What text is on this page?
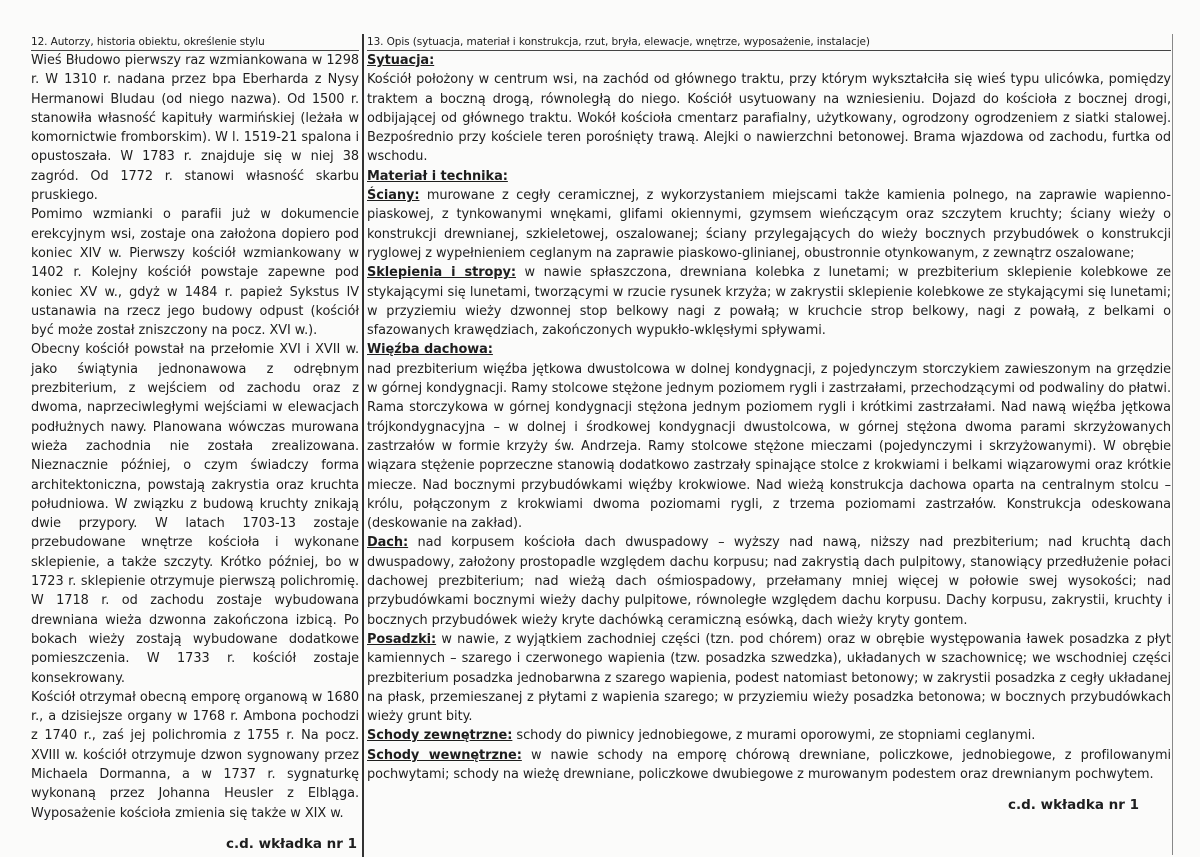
12. Autorzy, historia obiektu, określenie stylu

Wieś Błudowo pierwszy raz wzmiankowana w 1298 r. W 1310 r. nadana przez bpa Eberharda z Nysy Hermanowi Bludau (od niego nazwa). Od 1500 r. stanowiła własność kapituły warmińskiej (leżała w komornictwie fromborskim). W l. 1519-21 spalona i opustoszała. W 1783 r. znajduje się w niej 38 zagród. Od 1772 r. stanowi własność skarbu pruskiego.

Pomimo wzmianki o parafii już w dokumencie erekcyjnym wsi, zostaje ona założona dopiero pod koniec XIV w. Pierwszy kościół wzmiankowany w 1402 r. Kolejny kościół powstaje zapewne pod koniec XV w., gdyż w 1484 r. papież Sykstus IV ustanawia na rzecz jego budowy odpust (kościół być może został zniszczony na pocz. XVI w.).

Obecny kościół powstał na przełomie XVI i XVII w. jako świątynia jednonawowa z odrębnym prezbiterium, z wejściem od zachodu oraz z dwoma, naprzeciwległymi wejściami w elewacjach podłużnych nawy. Planowana wówczas murowana wieża zachodnia nie została zrealizowana. Nieznacznie później, o czym świadczy forma architektoniczna, powstają zakrystia oraz kruchta południowa. W związku z budową kruchty znikają dwie przypory. W latach 1703-13 zostaje przebudowane wnętrze kościoła i wykonane sklepienie, a także szczyty. Krótko później, bo w 1723 r. sklepienie otrzymuje pierwszą polichromię. W 1718 r. od zachodu zostaje wybudowana drewniana wieża dzwonna zakończona izbicą. Po bokach wieży zostają wybudowane dodatkowe pomieszczenia. W 1733 r. kościół zostaje konsekrowany.

Kościół otrzymał obecną emporę organową w 1680 r., a dzisiejsze organy w 1768 r. Ambona pochodzi z 1740 r., zaś jej polichromia z 1755 r. Na pocz. XVIII w. kościół otrzymuje dzwon sygnowany przez Michaela Dormanna, a w 1737 r. sygnaturkę wykonaną przez Johanna Heusler z Elbląga. Wyposażenie kościoła zmienia się także w XIX w.

c.d. wkładka nr 1
13. Opis (sytuacja, materiał i konstrukcja, rzut, bryła, elewacje, wnętrze, wyposażenie, instalacje)
Sytuacja:

Kościół położony w centrum wsi, na zachód od głównego traktu, przy którym wykształciła się wieś typu ulicówka, pomiędzy traktem a boczną drogą, równoległą do niego. Kościół usytuowany na wzniesieniu. Dojazd do kościoła z bocznej drogi, odbijającej od głównego traktu. Wokół kościoła cmentarz parafialny, użytkowany, ogrodzony ogrodzeniem z siatki stalowej. Bezpośrednio przy kościele teren porośnięty trawą. Alejki o nawierzchni betonowej. Brama wjazdowa od zachodu, furtka od wschodu.

Materiał i technika:

Ściany: murowane z cegły ceramicznej, z wykorzystaniem miejscami także kamienia polnego, na zaprawie wapienno-piaskowej, z tynkowanymi wnękami, glifami okiennymi, gzymsem wieńczącym oraz szczytem kruchty; ściany wieży o konstrukcji drewnianej, szkieletowej, oszalowanej; ściany przylegających do wieży bocznych przybudówek o konstrukcji ryglowej z wypełnieniem ceglanym na zaprawie piaskowo-glinianej, obustronnie otynkowanym, z zewnątrz oszalowane;

Sklepienia i stropy: w nawie spłaszczona, drewniana kolebka z lunetami; w prezbiterium sklepienie kolebkowe ze stykającymi się lunetami, tworzącymi w rzucie rysunek krzyża; w zakrystii sklepienie kolebkowe ze stykającymi się lunetami; w przyziemiu wieży dzwonnej stop belkowy nagi z powałą; w kruchcie strop belkowy, nagi z powałą, z belkami o sfazowanych krawędziach, zakończonych wypukło-wklęsłymi spływami.

Więźba dachowa:
nad prezbiterium więźba jętkowa dwustolcowa w dolnej kondygnacji, z pojedynczym storczykiem zawieszonym na grzędzie w górnej kondygnacji. Ramy stolcowe stężone jednym poziomem rygli i zastrzałami, przechodzącymi od podwaliny do płatwi. Rama storczykowa w górnej kondygnacji stężona jednym poziomem rygli i krótkimi zastrzałami. Nad nawą więźba jętkowa trójkondygnacyjna – w dolnej i środkowej kondygnacji dwustolcowa, w górnej stężona dwoma parami skrzyżowanych zastrzałów w formie krzyży św. Andrzeja. Ramy stolcowe stężone mieczami (pojedynczymi i skrzyżowanymi). W obrębie wiązara stężenie poprzeczne stanowią dodatkowo zastrzały spinające stolce z krokwiami i belkami wiązarowymi oraz krótkie miecze. Nad bocznymi przybudówkami więźby krokwiowe. Nad wieżą konstrukcja dachowa oparta na centralnym stolcu – królu, połączonym z krokwiami dwoma poziomami rygli, z trzema poziomami zastrzałów. Konstrukcja odeskowana (deskowanie na zakład).

Dach: nad korpusem kościoła dach dwuspadowy – wyższy nad nawą, niższy nad prezbiterium; nad kruchtą dach dwuspadowy, założony prostopadle względem dachu korpusu; nad zakrystią dach pulpitowy, stanowiący przedłużenie połaci dachowej prezbiterium; nad wieżą dach ośmiospadowy, przełamany mniej więcej w połowie swej wysokości; nad przybudówkami bocznymi wieży dachy pulpitowe, równoległe względem dachu korpusu. Dachy korpusu, zakrystii, kruchty i bocznych przybudówek wieży kryte dachówką ceramiczną esówką, dach wieży kryty gontem.

Posadzki: w nawie, z wyjątkiem zachodniej części (tzn. pod chórem) oraz w obrębie występowania ławek posadzka z płyt kamiennych – szarego i czerwonego wapienia (tzw. posadzka szwedzka), układanych w szachownicę; we wschodniej części prezbiterium posadzka jednobarwna z szarego wapienia, podest natomiast betonowy; w zakrystii posadzka z cegły układanej na płask, przemieszanej z płytami z wapienia szarego; w przyziemiu wieży posadzka betonowa; w bocznych przybudówkach wieży grunt bity.

Schody zewnętrzne: schody do piwnicy jednobiegowe, z murami oporowymi, ze stopniami ceglanymi.

Schody wewnętrzne: w nawie schody na emporę chórową drewniane, policzkowe, jednobiegowe, z profilowanymi pochwytami; schody na wieżę drewniane, policzkowe dwubiegowe z murowanym podestem oraz drewnianym pochwytem.

c.d. wkładka nr 1
